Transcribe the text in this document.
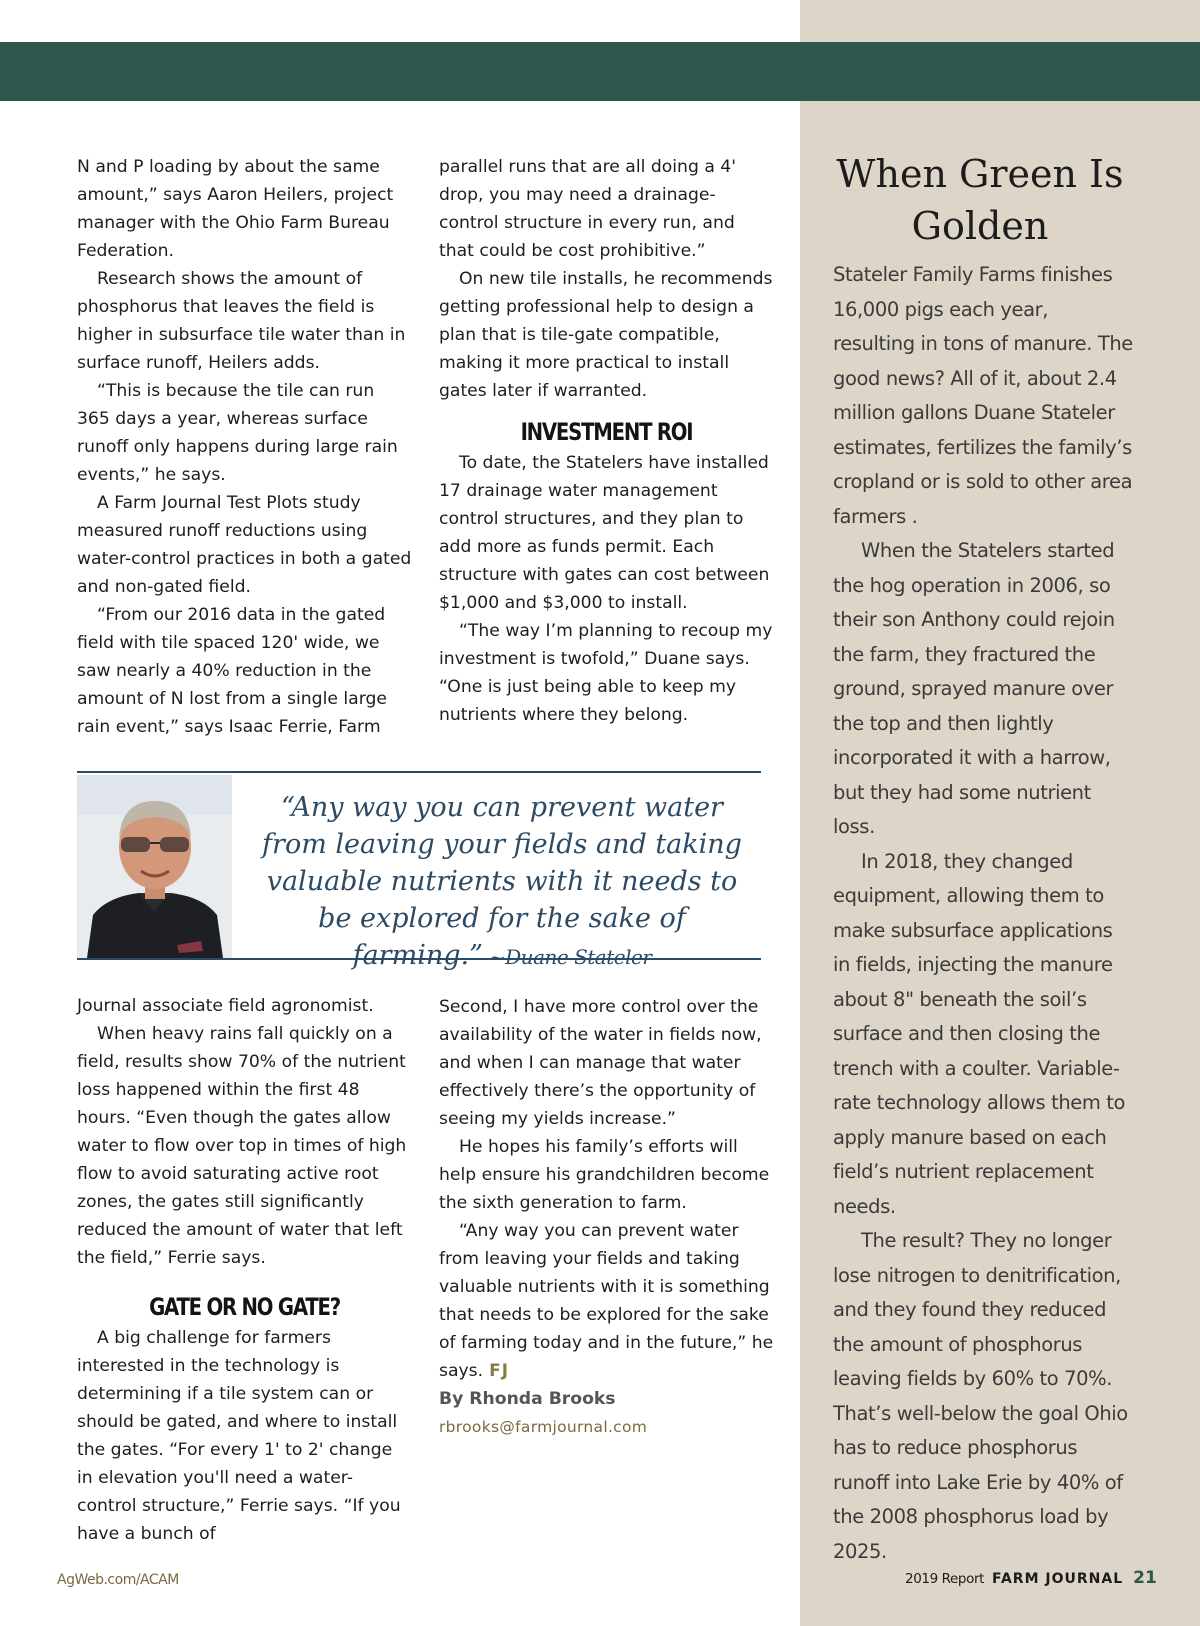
N and P loading by about the same amount,” says Aaron Heilers, project manager with the Ohio Farm Bureau Federation.

Research shows the amount of phosphorus that leaves the field is higher in subsurface tile water than in surface runoff, Heilers adds.

“This is because the tile can run 365 days a year, whereas surface runoff only happens during large rain events,” he says.

A Farm Journal Test Plots study measured runoff reductions using water-control practices in both a gated and non-gated field.

“From our 2016 data in the gated field with tile spaced 120' wide, we saw nearly a 40% reduction in the amount of N lost from a single large rain event,” says Isaac Ferrie, Farm

parallel runs that are all doing a 4' drop, you may need a drainage-control structure in every run, and that could be cost prohibitive.”

On new tile installs, he recommends getting professional help to design a plan that is tile-gate compatible, making it more practical to install gates later if warranted.

INVESTMENT ROI

To date, the Statelers have installed 17 drainage water management control structures, and they plan to add more as funds permit. Each structure with gates can cost between $1,000 and $3,000 to install.

“The way I’m planning to recoup my investment is twofold,” Duane says. “One is just being able to keep my nutrients where they belong.

“Any way you can prevent water from leaving your fields and taking valuable nutrients with it needs to be explored for the sake of farming.” ~Duane Stateler

Journal associate field agronomist.

When heavy rains fall quickly on a field, results show 70% of the nutrient loss happened within the first 48 hours. “Even though the gates allow water to flow over top in times of high flow to avoid saturating active root zones, the gates still significantly reduced the amount of water that left the field,” Ferrie says.

GATE OR NO GATE?

A big challenge for farmers interested in the technology is determining if a tile system can or should be gated, and where to install the gates. “For every 1' to 2' change in elevation you'll need a water-control structure,” Ferrie says. “If you have a bunch of

Second, I have more control over the availability of the water in fields now, and when I can manage that water effectively there’s the opportunity of seeing my yields increase.”

He hopes his family’s efforts will help ensure his grandchildren become the sixth generation to farm.

“Any way you can prevent water from leaving your fields and taking valuable nutrients with it is something that needs to be explored for the sake of farming today and in the future,” he says. FJ

By Rhonda Brooks

rbrooks@farmjournal.com

When Green Is Golden

Stateler Family Farms finishes 16,000 pigs each year, resulting in tons of manure. The good news? All of it, about 2.4 million gallons Duane Stateler estimates, fertilizes the family’s cropland or is sold to other area farmers .

When the Statelers started the hog operation in 2006, so their son Anthony could rejoin the farm, they fractured the ground, sprayed manure over the top and then lightly incorporated it with a harrow, but they had some nutrient loss.

In 2018, they changed equipment, allowing them to make subsurface applications in fields, injecting the manure about 8" beneath the soil’s surface and then closing the trench with a coulter. Variable-rate technology allows them to apply manure based on each field’s nutrient replacement needs.

The result? They no longer lose nitrogen to denitrification, and they found they reduced the amount of phosphorus leaving fields by 60% to 70%. That’s well-below the goal Ohio has to reduce phosphorus runoff into Lake Erie by 40% of the 2008 phosphorus load by 2025.

AgWeb.com/ACAM	2019 Report FARM JOURNAL 21
